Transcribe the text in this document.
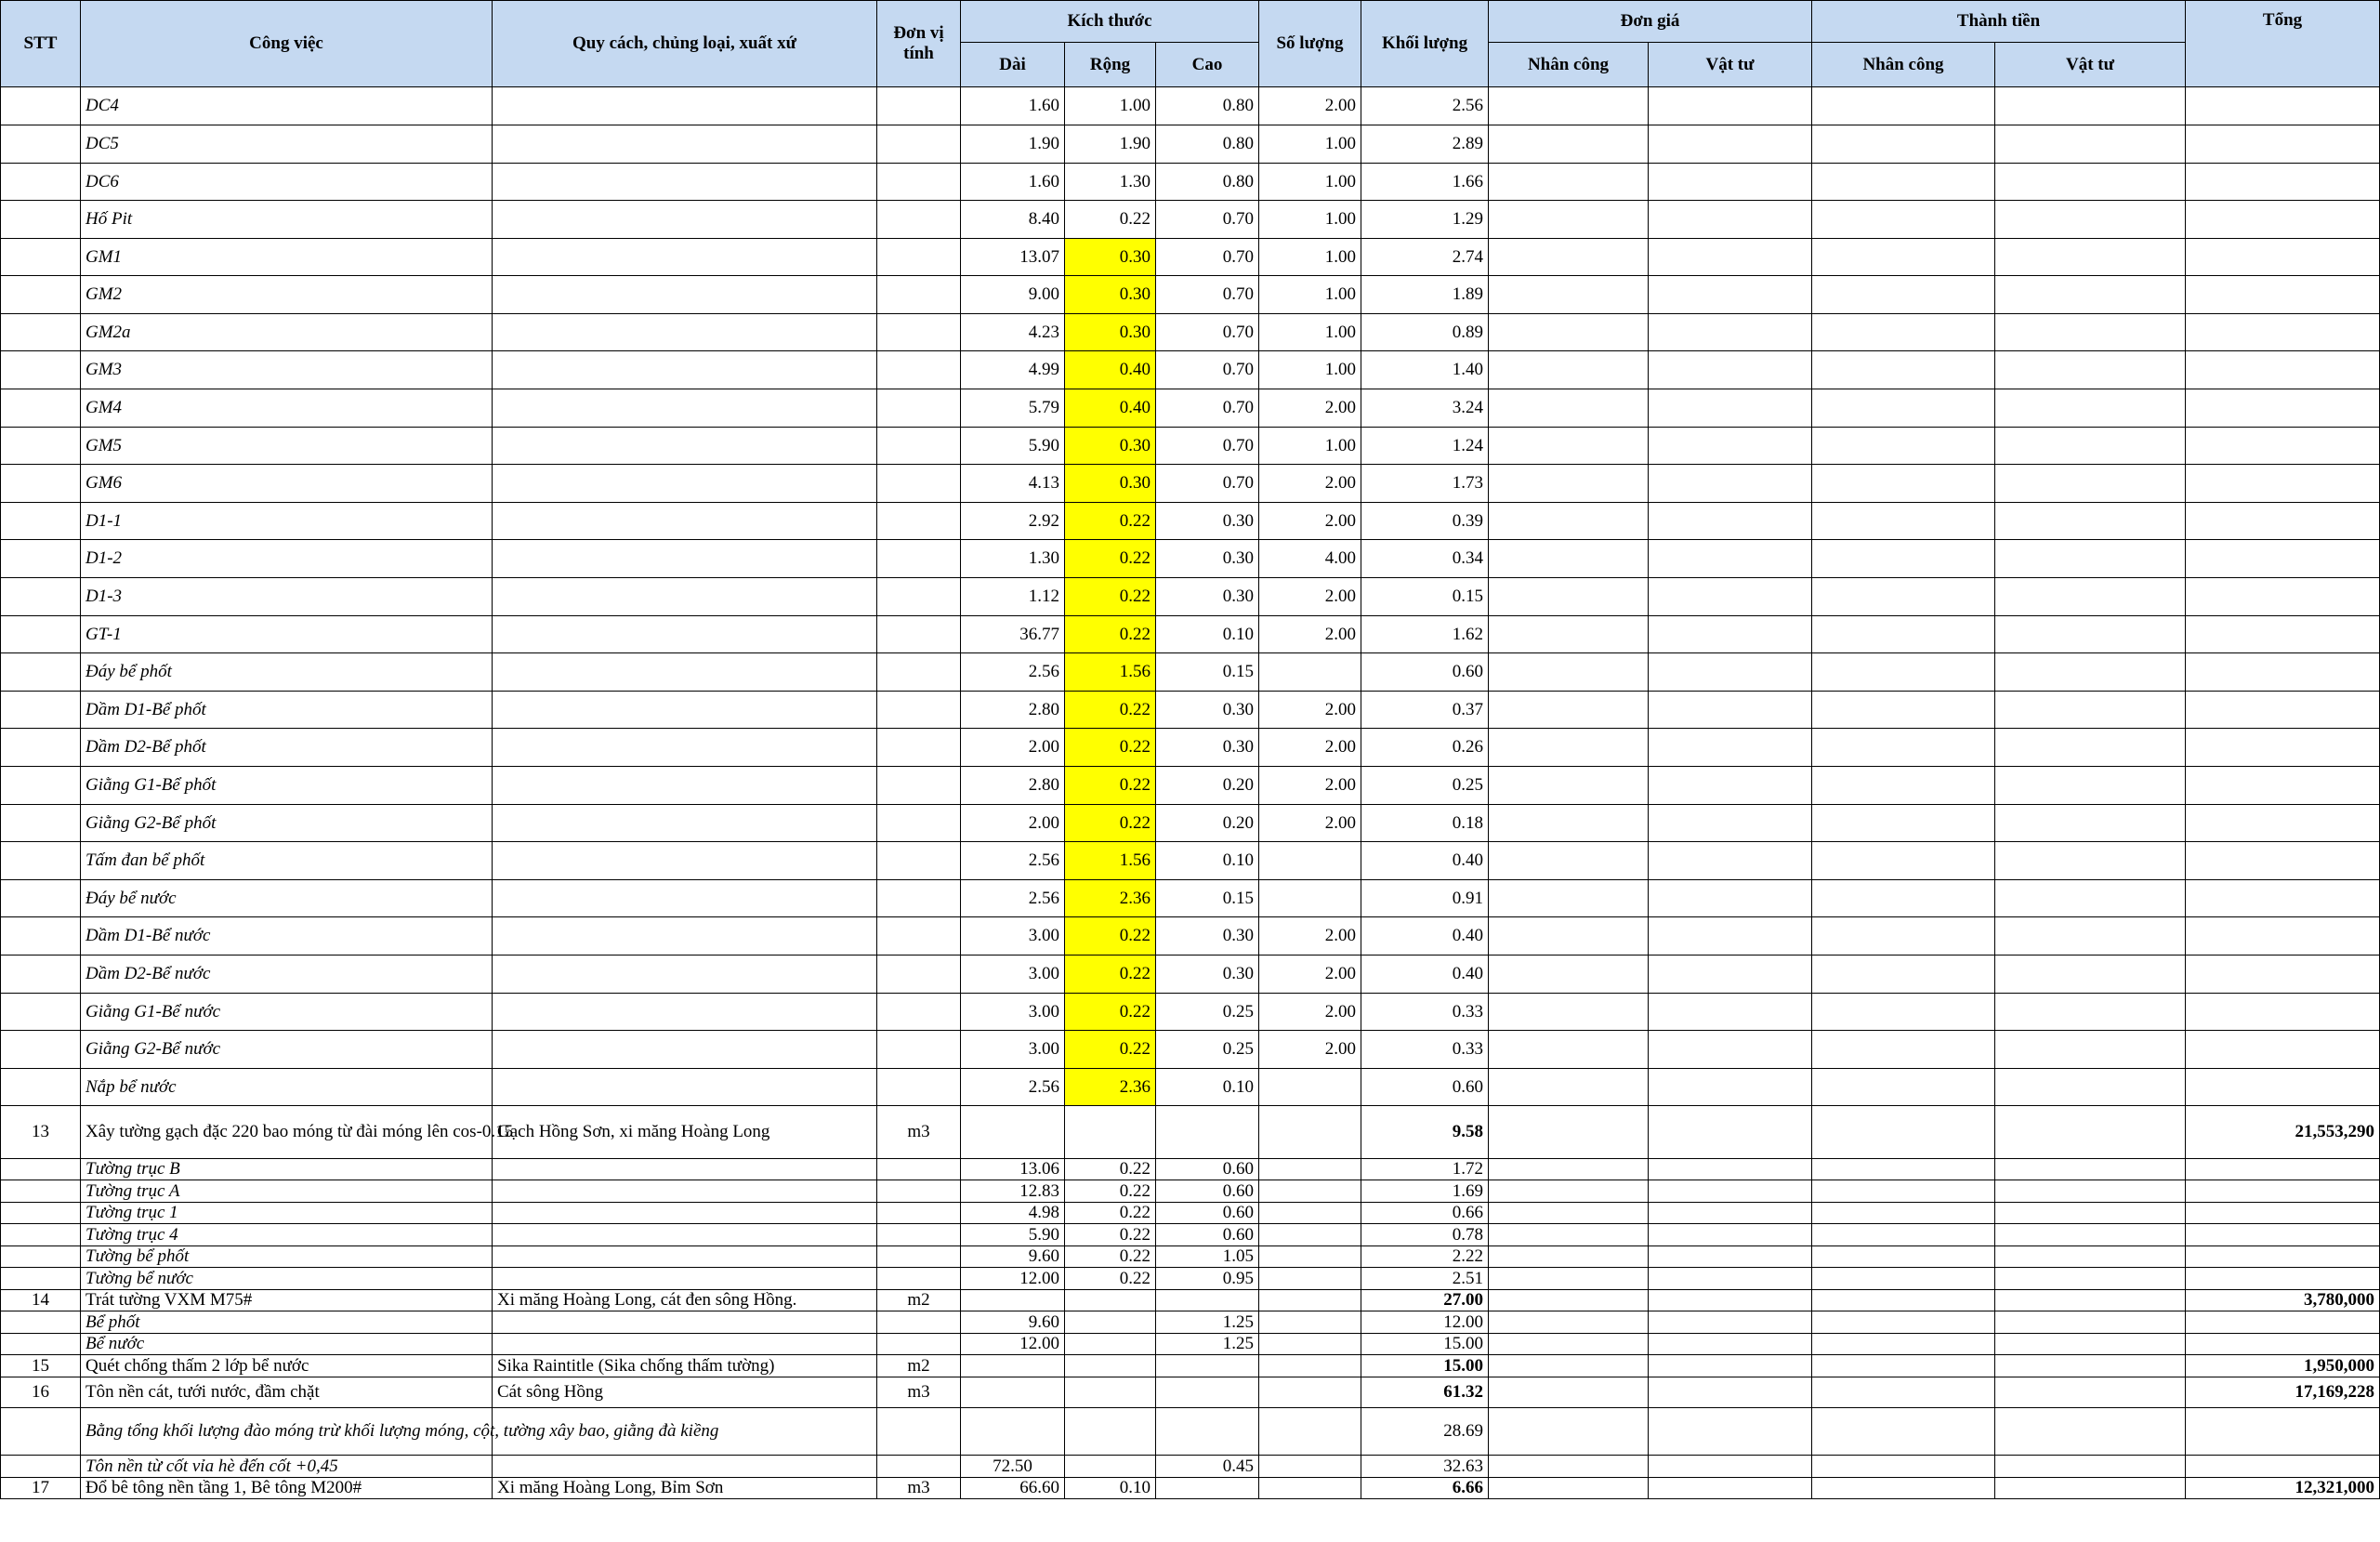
STT	Công việc	Quy cách, chủng loại, xuất xứ	Đơn vị tính	Kích thước			Số lượng	Khối lượng	Đơn giá		Thành tiền		Tổng
				Dài	Rộng	Cao			Nhân công	Vật tư	Nhân công	Vật tư	
	DC4			1.60	1.00	0.80	2.00	2.56					
	DC5			1.90	1.90	0.80	1.00	2.89					
	DC6			1.60	1.30	0.80	1.00	1.66					
	Hố Pit			8.40	0.22	0.70	1.00	1.29					
	GM1			13.07	0.30	0.70	1.00	2.74					
	GM2			9.00	0.30	0.70	1.00	1.89					
	GM2a			4.23	0.30	0.70	1.00	0.89					
	GM3			4.99	0.40	0.70	1.00	1.40					
	GM4			5.79	0.40	0.70	2.00	3.24					
	GM5			5.90	0.30	0.70	1.00	1.24					
	GM6			4.13	0.30	0.70	2.00	1.73					
	D1-1			2.92	0.22	0.30	2.00	0.39					
	D1-2			1.30	0.22	0.30	4.00	0.34					
	D1-3			1.12	0.22	0.30	2.00	0.15					
	GT-1			36.77	0.22	0.10	2.00	1.62					
	Đáy bể phốt			2.56	1.56	0.15		0.60					
	Dầm D1-Bể phốt			2.80	0.22	0.30	2.00	0.37					
	Dầm D2-Bể phốt			2.00	0.22	0.30	2.00	0.26					
	Giằng G1-Bể phốt			2.80	0.22	0.20	2.00	0.25					
	Giằng G2-Bể phốt			2.00	0.22	0.20	2.00	0.18					
	Tấm đan bể phốt			2.56	1.56	0.10		0.40					
	Đáy bể nước			2.56	2.36	0.15		0.91					
	Dầm D1-Bể nước			3.00	0.22	0.30	2.00	0.40					
	Dầm D2-Bể nước			3.00	0.22	0.30	2.00	0.40					
	Giằng G1-Bể nước			3.00	0.22	0.25	2.00	0.33					
	Giằng G2-Bể nước			3.00	0.22	0.25	2.00	0.33					
	Nắp bể nước			2.56	2.36	0.10		0.60					
13	Xây tường gạch đặc 220 bao móng từ đài móng lên cos-0.15	Gạch Hồng Sơn, xi măng Hoàng Long	m3					9.58					21,553,290
	Tường trục B			13.06	0.22	0.60		1.72					
	Tường trục A			12.83	0.22	0.60		1.69					
	Tường trục 1			4.98	0.22	0.60		0.66					
	Tường trục 4			5.90	0.22	0.60		0.78					
	Tường bể phốt			9.60	0.22	1.05		2.22					
	Tường bể nước			12.00	0.22	0.95		2.51					
14	Trát tường VXM M75#	Xi măng Hoàng Long, cát đen sông Hồng.	m2					27.00					3,780,000
	Bể phốt			9.60		1.25		12.00					
	Bể nước			12.00		1.25		15.00					
15	Quét chống thấm 2 lớp bể nước	Sika Raintitle (Sika chống thấm tường)	m2					15.00					1,950,000
16	Tôn nền cát, tưới nước, đầm chặt	Cát sông Hồng	m3					61.32					17,169,228
	Bằng tổng khối lượng đào móng trừ khối lượng móng, cột, tường xây bao, giằng đà kiềng							28.69					
	Tôn nền từ cốt vỉa hè đến cốt +0,45			72.50		0.45		32.63					
17	Đổ bê tông nền tầng 1, Bê tông M200#	Xi măng Hoàng Long, Bỉm Sơn	m3	66.60	0.10			6.66					12,321,000
